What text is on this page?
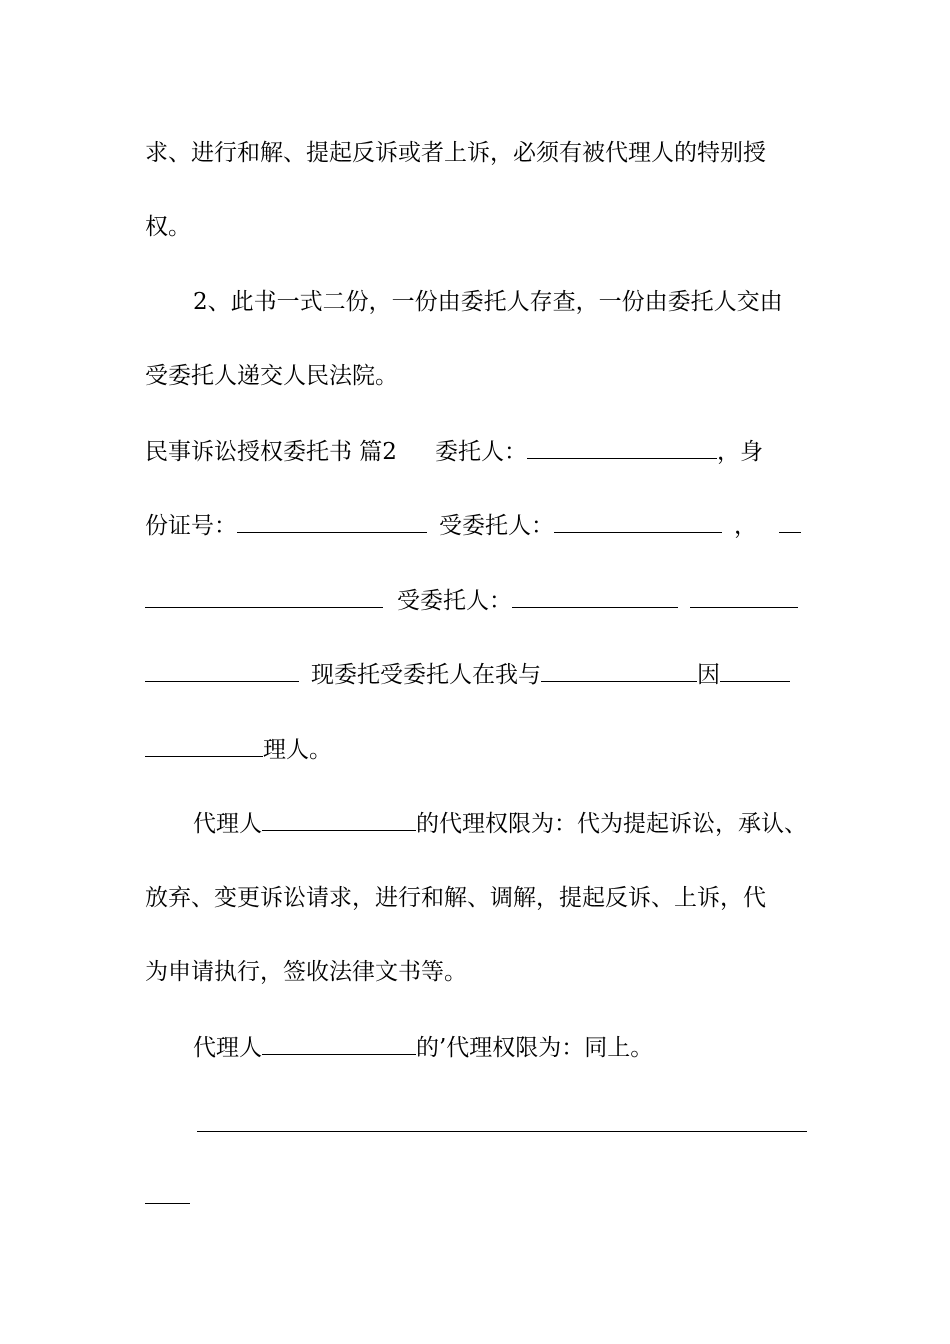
求、进行和解、提起反诉或者上诉，必须有被代理人的特别授
权。
2、此书一式二份，一份由委托人存查，一份由委托人交由
受委托人递交人民法院。
民事诉讼授权委托书 篇2 委托人：	，身
份证号：	受委托人：	，
受委托人：
现委托受委托人在我与	因
理人。
代理人	的代理权限为：代为提起诉讼，承认、
放弃、变更诉讼请求，进行和解、调解，提起反诉、上诉，代
为申请执行，签收法律文书等。
代理人	的’代理权限为：同上。
